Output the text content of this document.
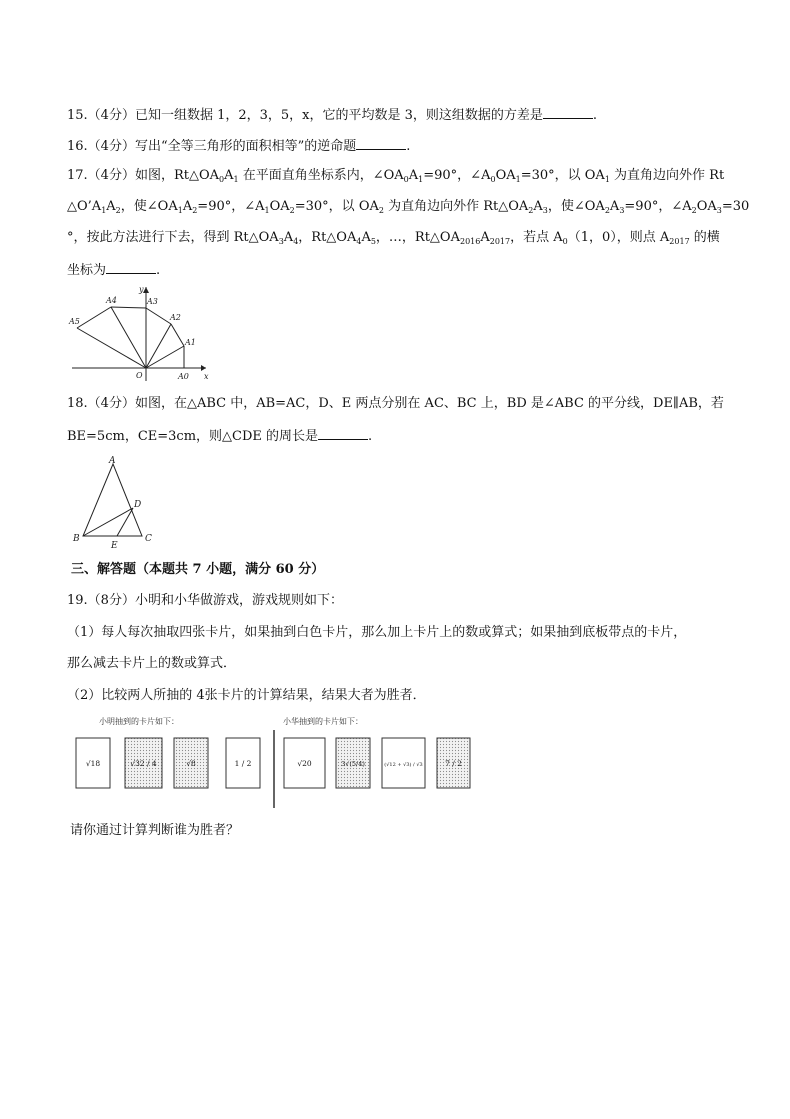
15.（4分）已知一组数据 1，2，3，5，x，它的平均数是 3，则这组数据的方差是	.
16.（4分）写出“全等三角形的面积相等”的逆命题	.
17.（4分）如图，$Rt\triangle OA_0A_1$ 在平面直角坐标系内，$\angle OA_0A_1=90^\circ$，$\angle A_0OA_1=30^\circ$，以 $OA_1$ 为直角边向外作 Rt
$\triangle O’A_1A_2$，使$\angle OA_1A_2=90^\circ$，$\angle A_1OA_2=30^\circ$，以 $OA_2$ 为直角边向外作 $Rt\triangle OA_2A_3$，使$\angle OA_2A_3=90^\circ$，$\angle A_2OA_3=30$
°，按此方法进行下去，得到 $Rt\triangle OA_3A_4$，$Rt\triangle OA_4A_5$，…，$Rt\triangle OA_{2016}A_{2017}$，若点 $A_0(1$，0），则点 $A_{2017}$ 的横
坐标为	.
A5
A4	A3
A2
A1
A0
O	x
y
18.（4分）如图，在△ABC 中，AB=AC，D、E 两点分别在 AC、BC 上，BD 是∠ABC 的平分线，DE∥AB，若
BE=5cm，CE=3cm，则△CDE 的周长是	.
A
B	C
D
E
三、解答题（本题共 7 小题，满分 60 分）
19.（8分）小明和小华做游戏，游戏规则如下：
（1）每人每次抽取四张卡片，如果抽到白色卡片，那么加上卡片上的数或算式；如果抽到底板带点的卡片，
那么减去卡片上的数或算式．
（2）比较两人所抽的 4张卡片的计算结果，结果大者为胜者．
小明抽到的卡片如下：	小华抽到的卡片如下：
√18	√32 / 4	√8	1 / 2	√20	3√(5/4)	(√12 + √3) / √3	7 / 2
请你通过计算判断谁为胜者？
